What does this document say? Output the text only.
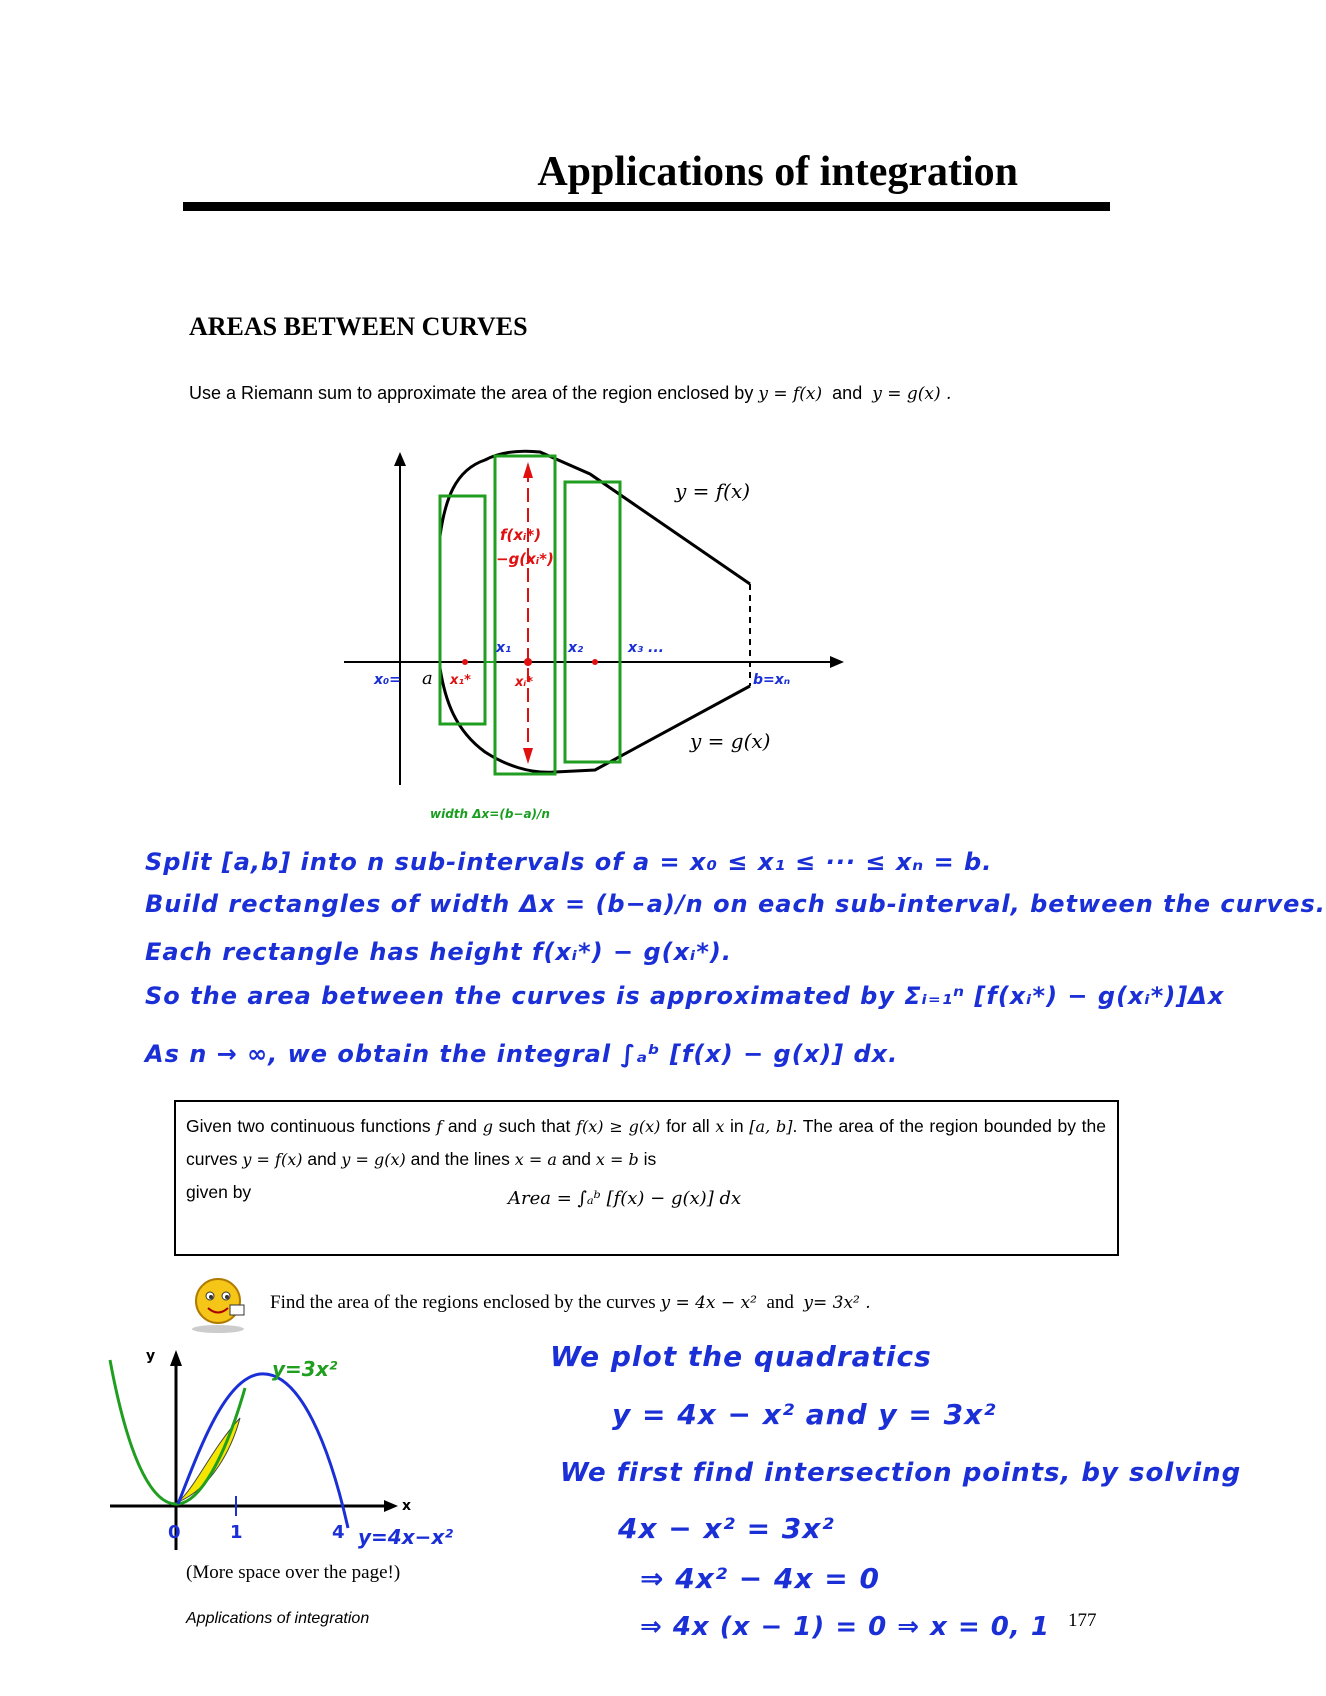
Applications of integration
AREAS BETWEEN CURVES
Use a Riemann sum to approximate the area of the region enclosed by y = f(x) and y = g(x) .
y = f(x)
y = g(x)
a	b=xₙ
x₀=
x₁	x₂	x₃ ...
x₁*	xᵢ*
f(xᵢ*)
−g(xᵢ*)
width Δx=(b−a)/n
Split [a,b] into n sub-intervals of a = x₀ ≤ x₁ ≤ ··· ≤ xₙ = b.
Build rectangles of width Δx = (b−a)/n on each sub-interval, between the curves.
Each rectangle has height f(xᵢ*) − g(xᵢ*).
So the area between the curves is approximated by Σᵢ₌₁ⁿ [f(xᵢ*) − g(xᵢ*)]Δx
As n → ∞, we obtain the integral ∫ₐᵇ [f(x) − g(x)] dx.
Given two continuous functions f and g such that f(x) ≥ g(x) for all x in [a, b]. The area of the region bounded by the curves y = f(x) and y = g(x) and the lines x = a and x = b is
given by	Area = ∫ₐᵇ [f(x) − g(x)] dx
Find the area of the regions enclosed by the curves y = 4x − x² and y= 3x² .
y
x
0	1	4
y=3x²
y=4x−x²
We plot the quadratics
y = 4x − x² and y = 3x²
We first find intersection points, by solving
4x − x² = 3x²
⇒ 4x² − 4x = 0
⇒ 4x (x − 1) = 0 ⇒ x = 0, 1
(More space over the page!)
Applications of integration	177
